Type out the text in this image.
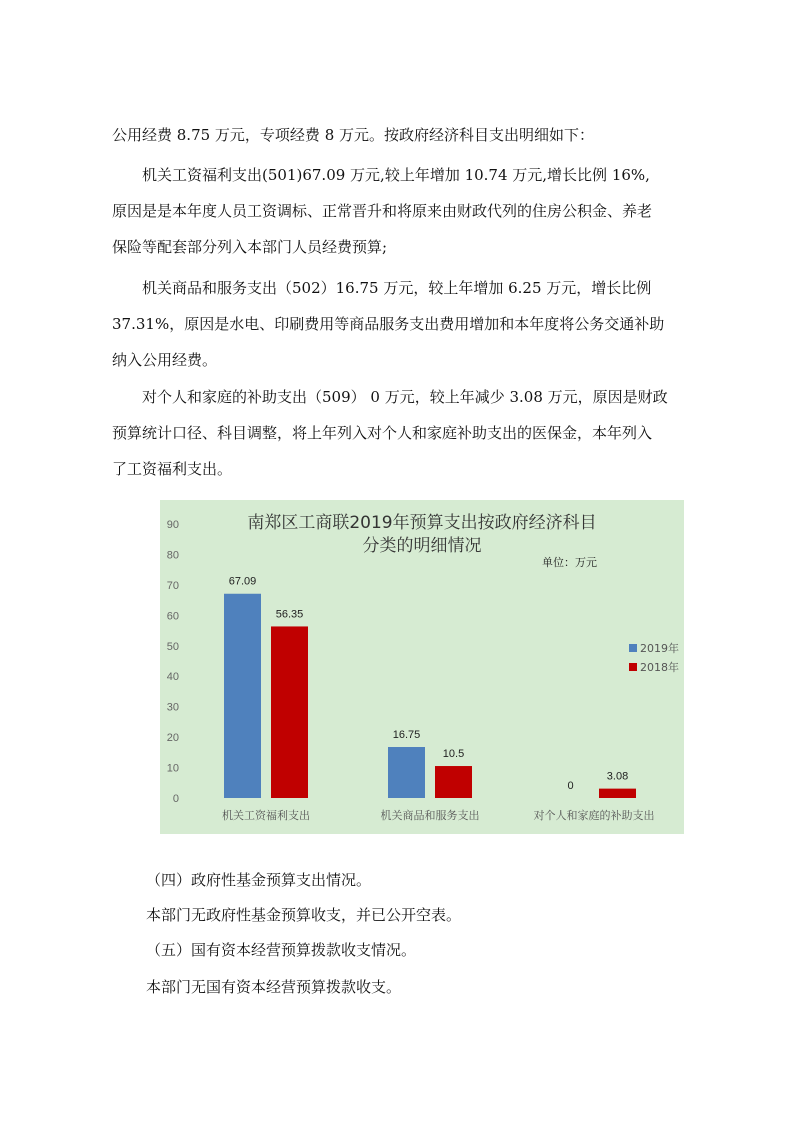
公用经费 8.75 万元，专项经费 8 万元。按政府经济科目支出明细如下：

机关工资福利支出(501)67.09 万元,较上年增加 10.74 万元,增长比例 16%,
原因是是本年度人员工资调标、正常晋升和将原来由财政代列的住房公积金、养老
保险等配套部分列入本部门人员经费预算;

机关商品和服务支出（502）16.75 万元，较上年增加 6.25 万元，增长比例
37.31%，原因是水电、印刷费用等商品服务支出费用增加和本年度将公务交通补助
纳入公用经费。

对个人和家庭的补助支出（509） 0 万元，较上年减少 3.08 万元，原因是财政
预算统计口径、科目调整，将上年列入对个人和家庭补助支出的医保金，本年列入
了工资福利支出。

南郑区工商联2019年预算支出按政府经济科目
分类的明细情况
单位：万元
0
10
20
30
40
50
60
70
80
90
67.09
56.35
16.75
10.5
0
3.08
机关工资福利支出	机关商品和服务支出	对个人和家庭的补助支出
2019年
2018年

（四）政府性基金预算支出情况。

本部门无政府性基金预算收支，并已公开空表。

（五）国有资本经营预算拨款收支情况。

本部门无国有资本经营预算拨款收支。
